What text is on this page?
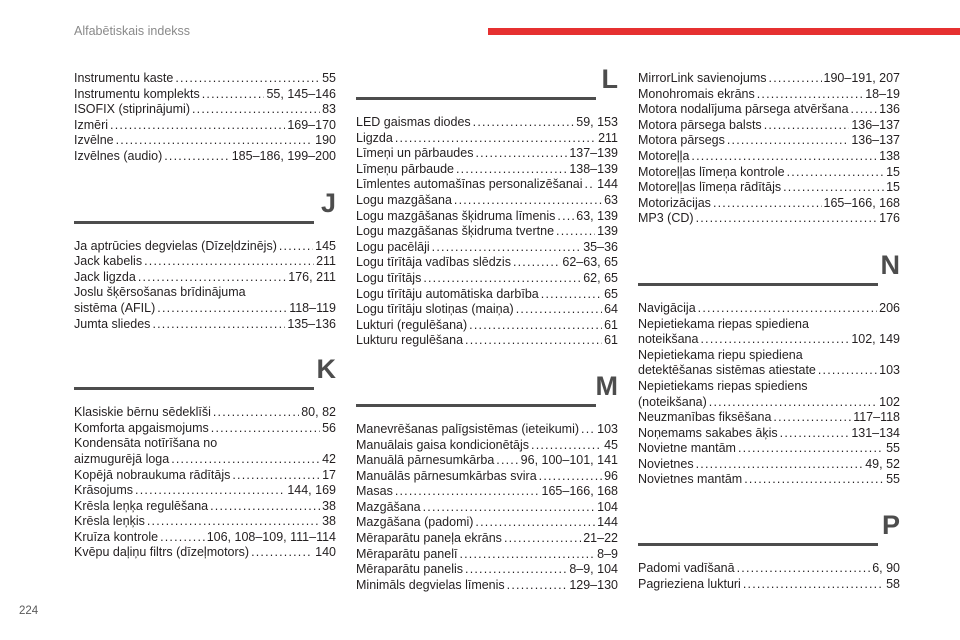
Alfabētiskais indekss
Instrumentu kaste .....	55
Instrumentu komplekts .....	55, 145–146
ISOFIX (stiprinājumi) .....	83
Izmēri .....	169–170
Izvēlne .....	190
Izvēlnes (audio) .....	185–186, 199–200
J
Ja aptrūcies degvielas (Dīzeļdzinējs) .....	145
Jack kabelis .....	211
Jack ligzda .....	176, 211
Joslu šķērsošanas brīdinājuma
sistēma (AFIL) .....	118–119
Jumta sliedes .....	135–136
K
Klasiskie bērnu sēdeklīši .....	80, 82
Komforta apgaismojums .....	56
Kondensāta notīrīšana no
aizmugurējā loga .....	42
Kopējā nobraukuma rādītājs .....	17
Krāsojums .....	144, 169
Krēsla leņķa regulēšana .....	38
Krēsla leņķis .....	38
Kruīza kontrole .....	106, 108–109, 111–114
Kvēpu daļiņu filtrs (dīzeļmotors) .....	140
L
LED gaismas diodes .....	59, 153
Ligzda .....	211
Līmeņi un pārbaudes .....	137–139
Līmeņu pārbaude .....	138–139
Līmlentes automašīnas personalizēšanai ..... 144
Logu mazgāšana .....	63
Logu mazgāšanas šķidruma līmenis ..... 63, 139
Logu mazgāšanas šķidruma tvertne .....	139
Logu pacēlāji .....	35–36
Logu tīrītāja vadības slēdzis .....	62–63, 65
Logu tīrītājs .....	62, 65
Logu tīrītāju automātiska darbība .....	65
Logu tīrītāju slotiņas (maiņa) .....	64
Lukturi (regulēšana) .....	61
Lukturu regulēšana .....	61
M
Manevrēšanas palīgsistēmas (ieteikumi) ..... 103
Manuālais gaisa kondicionētājs .....	45
Manuālā pārnesumkārba ..... 96, 100–101, 141
Manuālās pārnesumkārbas svira .....	96
Masas .....	165–166, 168
Mazgāšana .....	104
Mazgāšana (padomi) .....	144
Mēraparātu paneļa ekrāns .....	21–22
Mēraparātu panelī .....	8–9
Mēraparātu panelis .....	8–9, 104
Minimāls degvielas līmenis .....	129–130
MirrorLink savienojums .....	190–191, 207
Monohromais ekrāns .....	18–19
Motora nodalījuma pārsega atvēršana ..... 136
Motora pārsega balsts .....	136–137
Motora pārsegs .....	136–137
Motoreļļa .....	138
Motoreļļas līmeņa kontrole .....	15
Motoreļļas līmeņa rādītājs .....	15
Motorizācijas .....	165–166, 168
MP3 (CD) .....	176
N
Navigācija .....	206
Nepietiekama riepas spiediena
noteikšana .....	102, 149
Nepietiekama riepu spiediena
detektēšanas sistēmas atiestate .....	103
Nepietiekams riepas spiediens
(noteikšana) .....	102
Neuzmanības fiksēšana .....	117–118
Noņemams sakabes āķis .....	131–134
Novietne mantām .....	55
Novietnes .....	49, 52
Novietnes mantām .....	55
P
Padomi vadīšanā .....	6, 90
Pagrieziena lukturi .....	58
224
